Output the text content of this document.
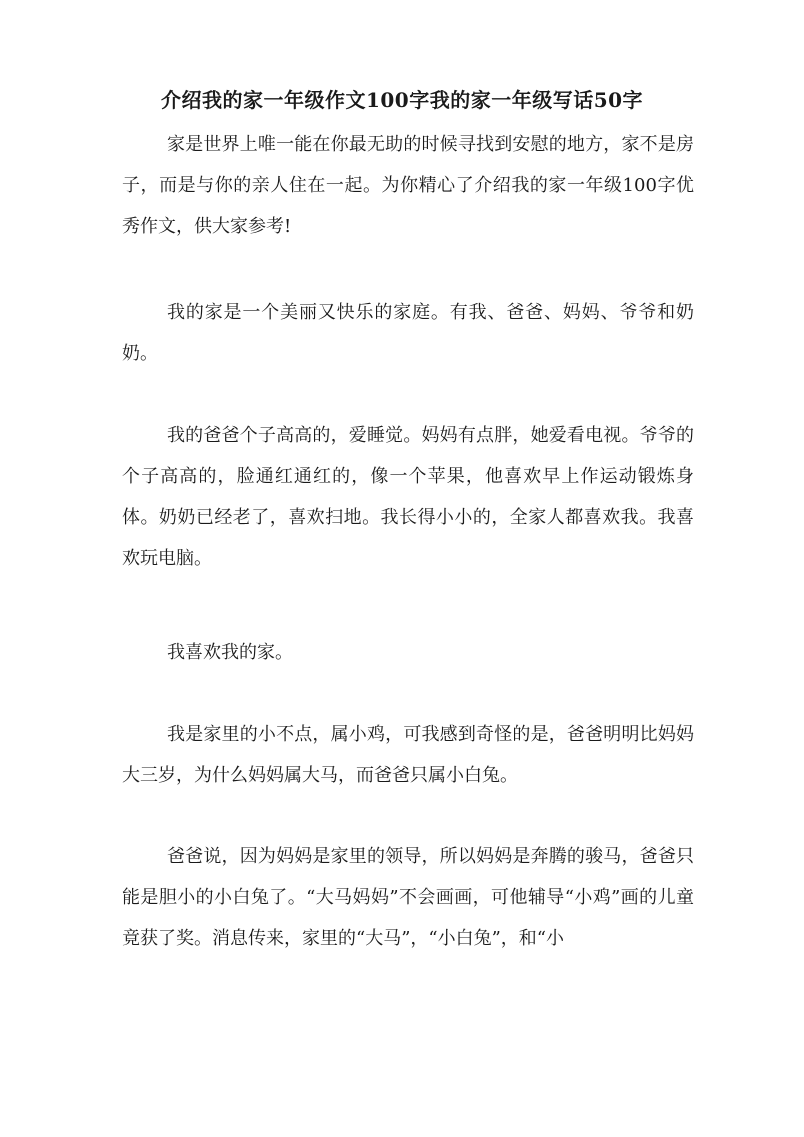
介绍我的家一年级作文100字我的家一年级写话50字

家是世界上唯一能在你最无助的时候寻找到安慰的地方，家不是房子，而是与你的亲人住在一起。为你精心了介绍我的家一年级100字优秀作文，供大家参考!

我的家是一个美丽又快乐的家庭。有我、爸爸、妈妈、爷爷和奶奶。

我的爸爸个子高高的，爱睡觉。妈妈有点胖，她爱看电视。爷爷的个子高高的，脸通红通红的，像一个苹果，他喜欢早上作运动锻炼身体。奶奶已经老了，喜欢扫地。我长得小小的，全家人都喜欢我。我喜欢玩电脑。

我喜欢我的家。

我是家里的小不点，属小鸡，可我感到奇怪的是，爸爸明明比妈妈大三岁，为什么妈妈属大马，而爸爸只属小白兔。

爸爸说，因为妈妈是家里的领导，所以妈妈是奔腾的骏马，爸爸只能是胆小的小白兔了。“大马妈妈”不会画画，可他辅导“小鸡”画的儿童竟获了奖。消息传来，家里的“大马”，“小白兔”，和“小
